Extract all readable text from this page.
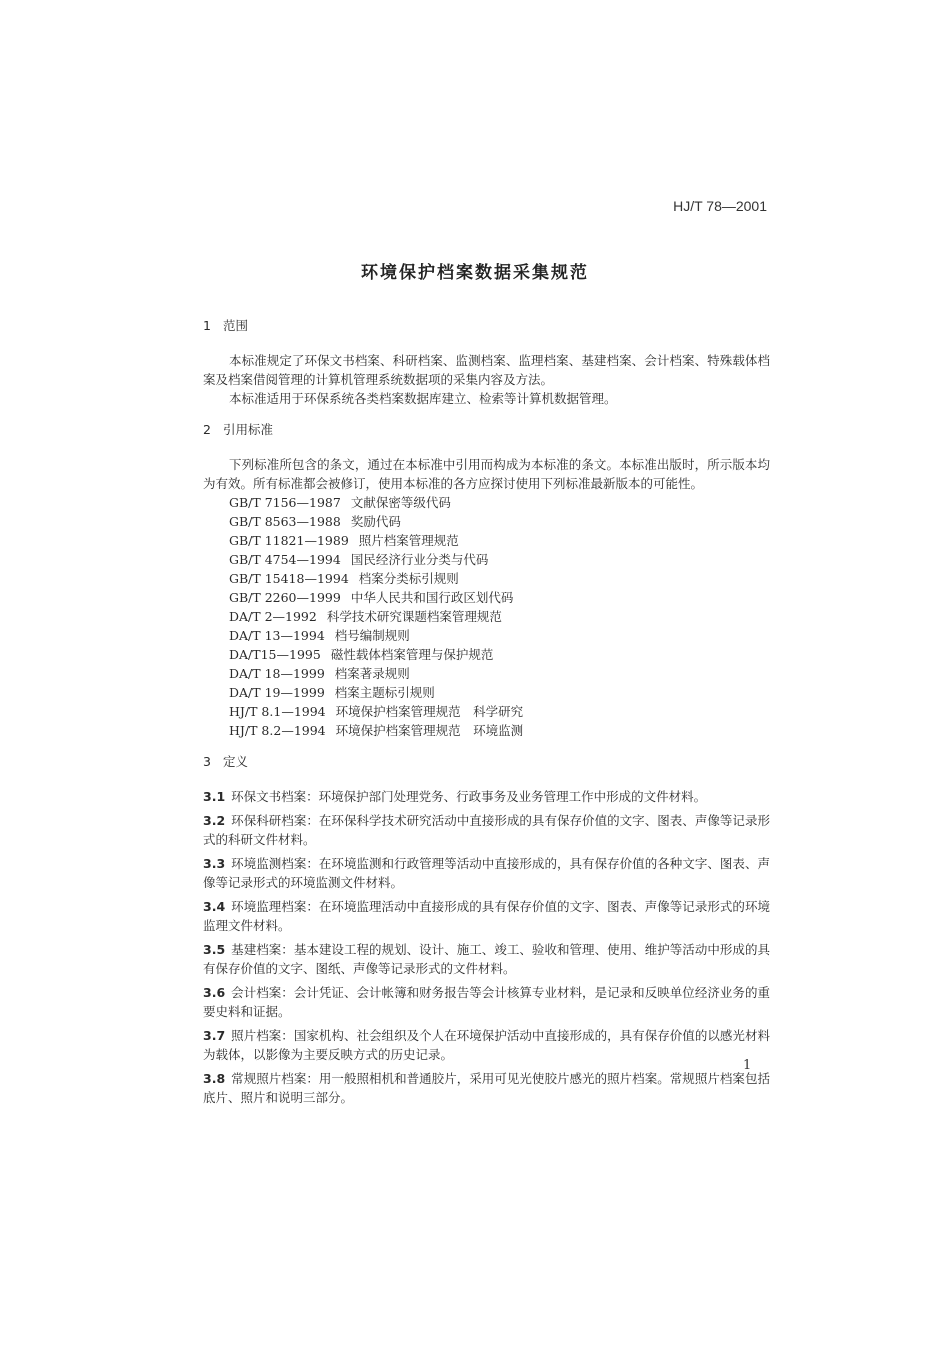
HJ/T 78—2001
环境保护档案数据采集规范
1 范围

本标准规定了环保文书档案、科研档案、监测档案、监理档案、基建档案、会计档案、特殊载体档案及档案借阅管理的计算机管理系统数据项的采集内容及方法。

本标准适用于环保系统各类档案数据库建立、检索等计算机数据管理。

2 引用标准

下列标准所包含的条文，通过在本标准中引用而构成为本标准的条文。本标准出版时，所示版本均为有效。所有标准都会被修订，使用本标准的各方应探讨使用下列标准最新版本的可能性。

GB/T 7156—1987 文献保密等级代码
GB/T 8563—1988 奖励代码
GB/T 11821—1989 照片档案管理规范
GB/T 4754—1994 国民经济行业分类与代码
GB/T 15418—1994 档案分类标引规则
GB/T 2260—1999 中华人民共和国行政区划代码
DA/T 2—1992 科学技术研究课题档案管理规范
DA/T 13—1994 档号编制规则
DA/T15—1995 磁性载体档案管理与保护规范
DA/T 18—1999 档案著录规则
DA/T 19—1999 档案主题标引规则
HJ/T 8.1—1994 环境保护档案管理规范　科学研究
HJ/T 8.2—1994 环境保护档案管理规范　环境监测
3 定义

3.1 环保文书档案：环境保护部门处理党务、行政事务及业务管理工作中形成的文件材料。

3.2 环保科研档案：在环保科学技术研究活动中直接形成的具有保存价值的文字、图表、声像等记录形式的科研文件材料。

3.3 环境监测档案：在环境监测和行政管理等活动中直接形成的，具有保存价值的各种文字、图表、声像等记录形式的环境监测文件材料。

3.4 环境监理档案：在环境监理活动中直接形成的具有保存价值的文字、图表、声像等记录形式的环境监理文件材料。

3.5 基建档案：基本建设工程的规划、设计、施工、竣工、验收和管理、使用、维护等活动中形成的具有保存价值的文字、图纸、声像等记录形式的文件材料。

3.6 会计档案：会计凭证、会计帐簿和财务报告等会计核算专业材料，是记录和反映单位经济业务的重要史料和证据。

3.7 照片档案：国家机构、社会组织及个人在环境保护活动中直接形成的，具有保存价值的以感光材料为载体，以影像为主要反映方式的历史记录。

3.8 常规照片档案：用一般照相机和普通胶片，采用可见光使胶片感光的照片档案。常规照片档案包括底片、照片和说明三部分。

1
